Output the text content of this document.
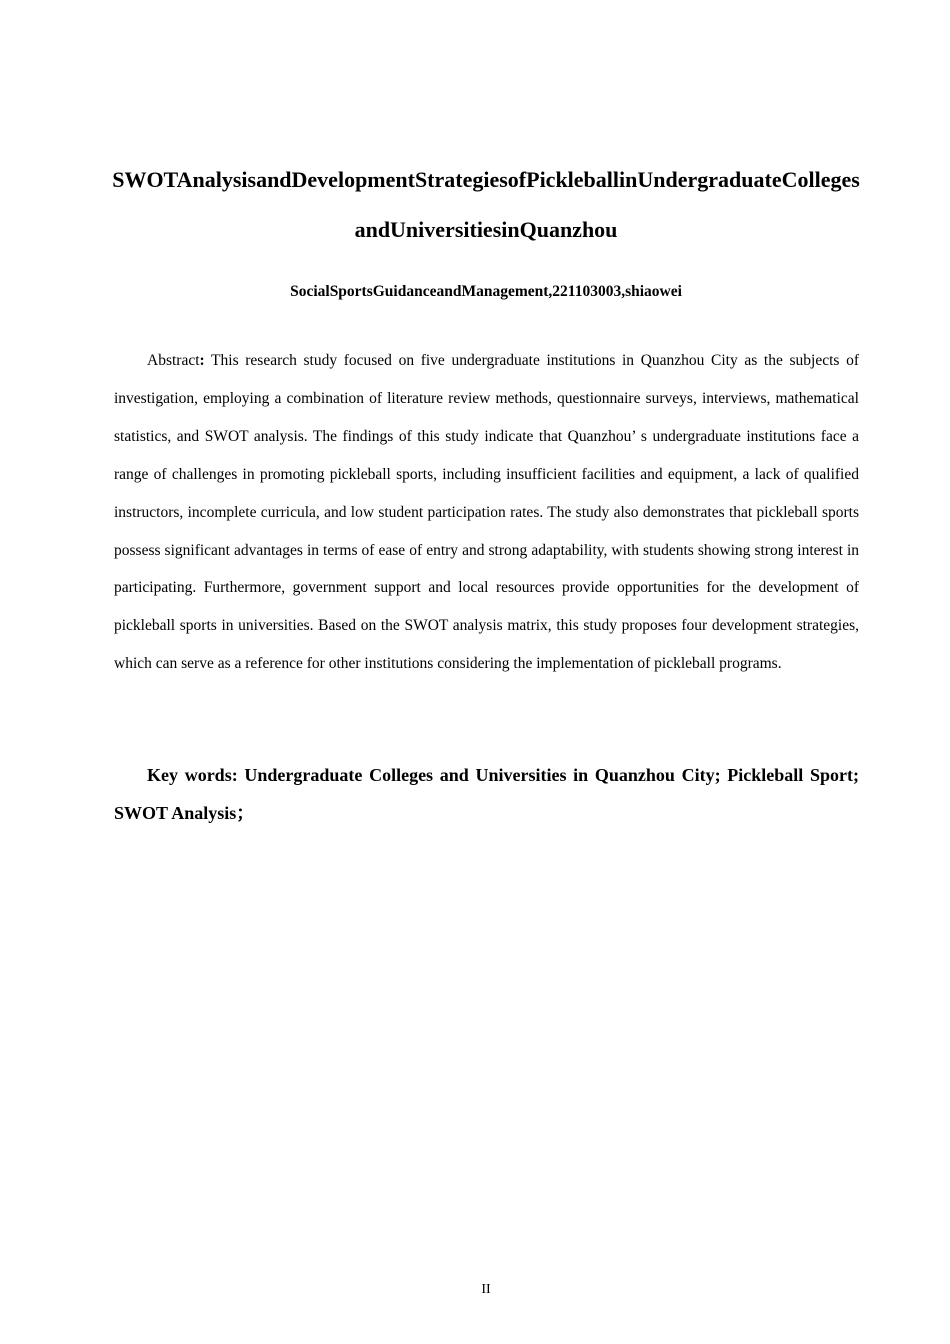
SWOTAnalysisandDevelopmentStrategiesofPickleballinUndergraduateCollegesandUniversitiesinQuanzhou
SocialSportsGuidanceandManagement,221103003,shiaowei

Abstract: This research study focused on five undergraduate institutions in Quanzhou City as the subjects of investigation, employing a combination of literature review methods, questionnaire surveys, interviews, mathematical statistics, and SWOT analysis. The findings of this study indicate that Quanzhou’ s undergraduate institutions face a range of challenges in promoting pickleball sports, including insufficient facilities and equipment, a lack of qualified instructors, incomplete curricula, and low student participation rates. The study also demonstrates that pickleball sports possess significant advantages in terms of ease of entry and strong adaptability, with students showing strong interest in participating. Furthermore, government support and local resources provide opportunities for the development of pickleball sports in universities. Based on the SWOT analysis matrix, this study proposes four development strategies, which can serve as a reference for other institutions considering the implementation of pickleball programs.

Key words: Undergraduate Colleges and Universities in Quanzhou City; Pickleball Sport; SWOT Analysis；

II
